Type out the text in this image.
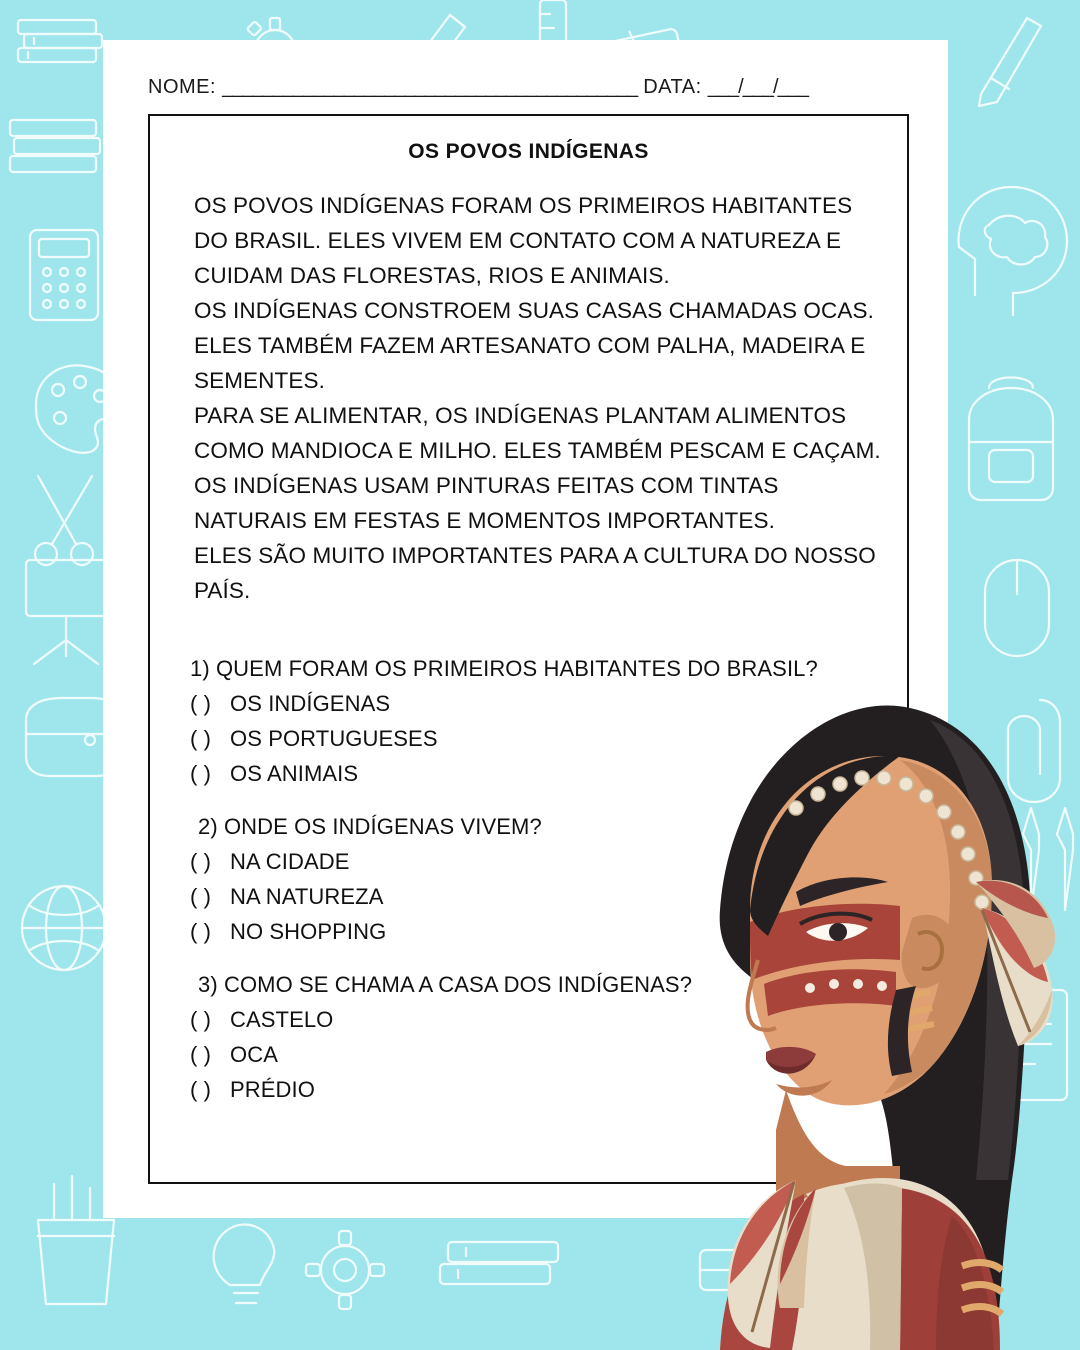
NOME: _________________________________________ DATA: ___/___/___
OS POVOS INDÍGENAS

OS POVOS INDÍGENAS FORAM OS PRIMEIROS HABITANTES DO BRASIL. ELES VIVEM EM CONTATO COM A NATUREZA E CUIDAM DAS FLORESTAS, RIOS E ANIMAIS.

OS INDÍGENAS CONSTROEM SUAS CASAS CHAMADAS OCAS. ELES TAMBÉM FAZEM ARTESANATO COM PALHA, MADEIRA E SEMENTES.

PARA SE ALIMENTAR, OS INDÍGENAS PLANTAM ALIMENTOS COMO MANDIOCA E MILHO. ELES TAMBÉM PESCAM E CAÇAM.

OS INDÍGENAS USAM PINTURAS FEITAS COM TINTAS NATURAIS EM FESTAS E MOMENTOS IMPORTANTES.

ELES SÃO MUITO IMPORTANTES PARA A CULTURA DO NOSSO PAÍS.

1) QUEM FORAM OS PRIMEIROS HABITANTES DO BRASIL?
( ) OS INDÍGENAS
( ) OS PORTUGUESES
( ) OS ANIMAIS
2) ONDE OS INDÍGENAS VIVEM?
( ) NA CIDADE
( ) NA NATUREZA
( ) NO SHOPPING
3) COMO SE CHAMA A CASA DOS INDÍGENAS?
( ) CASTELO
( ) OCA
( ) PRÉDIO
